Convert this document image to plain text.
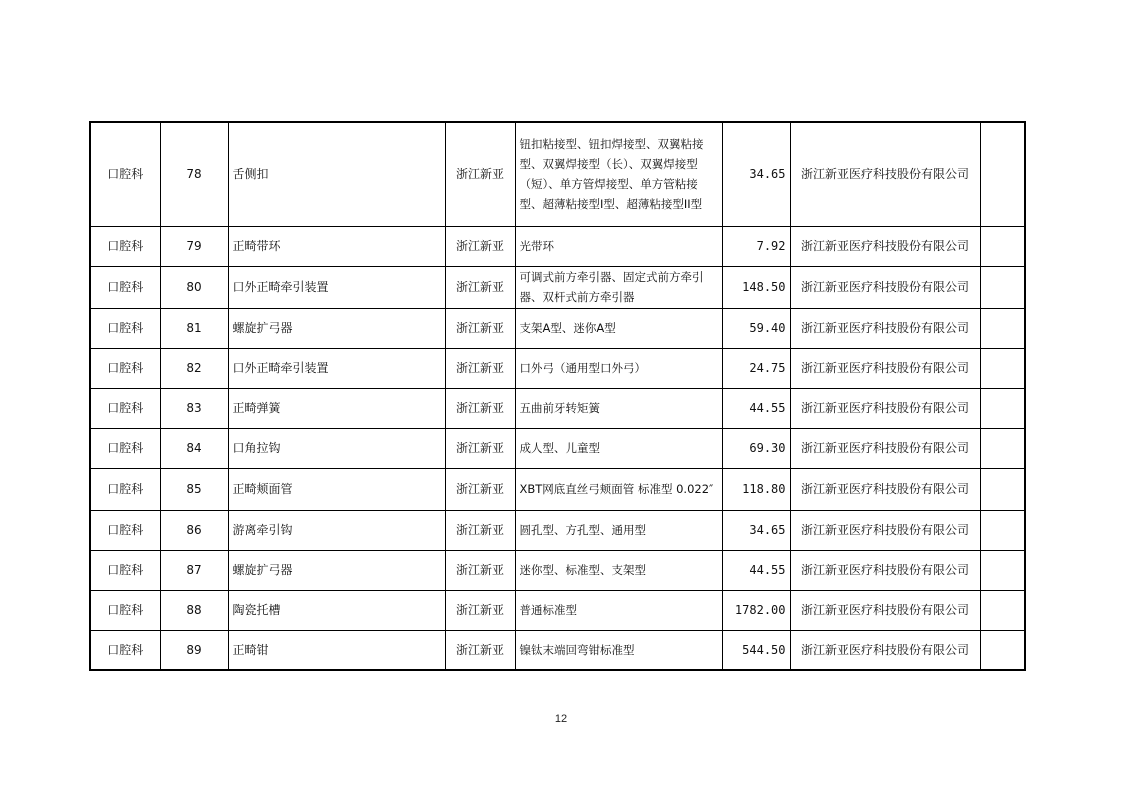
口腔科	78	舌侧扣	浙江新亚	钮扣粘接型、钮扣焊接型、双翼粘接型、双翼焊接型（长）、双翼焊接型（短）、单方管焊接型、单方管粘接型、超薄粘接型Ⅰ型、超薄粘接型II型	34.65	浙江新亚医疗科技股份有限公司	
口腔科	79	正畸带环	浙江新亚	光带环	7.92	浙江新亚医疗科技股份有限公司	
口腔科	80	口外正畸牵引装置	浙江新亚	可调式前方牵引器、固定式前方牵引器、双杆式前方牵引器	148.50	浙江新亚医疗科技股份有限公司	
口腔科	81	螺旋扩弓器	浙江新亚	支架A型、迷你A型	59.40	浙江新亚医疗科技股份有限公司	
口腔科	82	口外正畸牵引装置	浙江新亚	口外弓（通用型口外弓）	24.75	浙江新亚医疗科技股份有限公司	
口腔科	83	正畸弹簧	浙江新亚	五曲前牙转矩簧	44.55	浙江新亚医疗科技股份有限公司	
口腔科	84	口角拉钩	浙江新亚	成人型、儿童型	69.30	浙江新亚医疗科技股份有限公司	
口腔科	85	正畸颊面管	浙江新亚	XBT网底直丝弓颊面管 标准型 0.022″	118.80	浙江新亚医疗科技股份有限公司	
口腔科	86	游离牵引钩	浙江新亚	圆孔型、方孔型、通用型	34.65	浙江新亚医疗科技股份有限公司	
口腔科	87	螺旋扩弓器	浙江新亚	迷你型、标准型、支架型	44.55	浙江新亚医疗科技股份有限公司	
口腔科	88	陶瓷托槽	浙江新亚	普通标准型	1782.00	浙江新亚医疗科技股份有限公司	
口腔科	89	正畸钳	浙江新亚	镍钛末端回弯钳标准型	544.50	浙江新亚医疗科技股份有限公司	
12
